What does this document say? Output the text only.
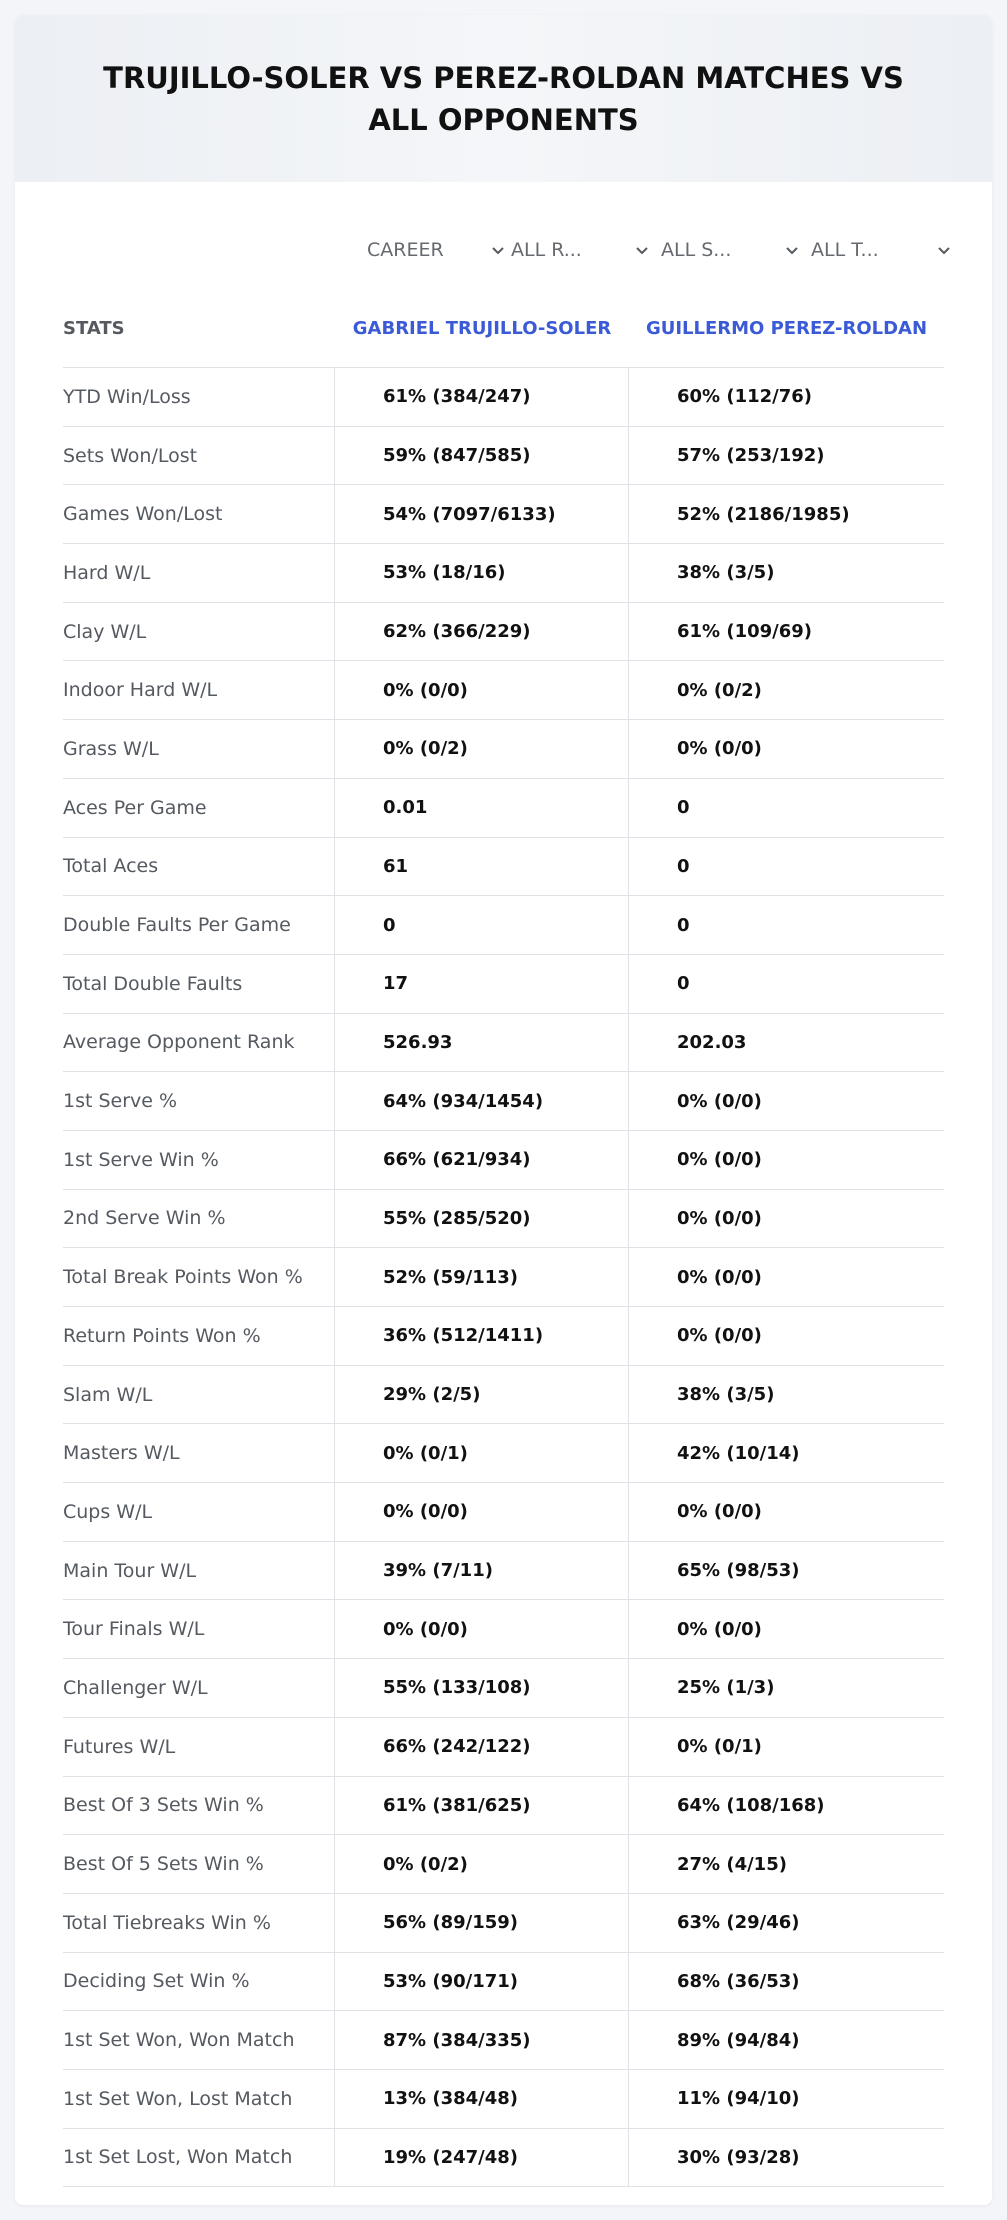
TRUJILLO-SOLER VS PEREZ-ROLDAN MATCHES VS ALL OPPONENTS
CAREER	ALL R...	ALL S...	ALL T...
STATS	GABRIEL TRUJILLO-SOLER	GUILLERMO PEREZ-ROLDAN
YTD Win/Loss	61% (384/247)	60% (112/76)
Sets Won/Lost	59% (847/585)	57% (253/192)
Games Won/Lost	54% (7097/6133)	52% (2186/1985)
Hard W/L	53% (18/16)	38% (3/5)
Clay W/L	62% (366/229)	61% (109/69)
Indoor Hard W/L	0% (0/0)	0% (0/2)
Grass W/L	0% (0/2)	0% (0/0)
Aces Per Game	0.01	0
Total Aces	61	0
Double Faults Per Game	0	0
Total Double Faults	17	0
Average Opponent Rank	526.93	202.03
1st Serve %	64% (934/1454)	0% (0/0)
1st Serve Win %	66% (621/934)	0% (0/0)
2nd Serve Win %	55% (285/520)	0% (0/0)
Total Break Points Won %	52% (59/113)	0% (0/0)
Return Points Won %	36% (512/1411)	0% (0/0)
Slam W/L	29% (2/5)	38% (3/5)
Masters W/L	0% (0/1)	42% (10/14)
Cups W/L	0% (0/0)	0% (0/0)
Main Tour W/L	39% (7/11)	65% (98/53)
Tour Finals W/L	0% (0/0)	0% (0/0)
Challenger W/L	55% (133/108)	25% (1/3)
Futures W/L	66% (242/122)	0% (0/1)
Best Of 3 Sets Win %	61% (381/625)	64% (108/168)
Best Of 5 Sets Win %	0% (0/2)	27% (4/15)
Total Tiebreaks Win %	56% (89/159)	63% (29/46)
Deciding Set Win %	53% (90/171)	68% (36/53)
1st Set Won, Won Match	87% (384/335)	89% (94/84)
1st Set Won, Lost Match	13% (384/48)	11% (94/10)
1st Set Lost, Won Match	19% (247/48)	30% (93/28)
